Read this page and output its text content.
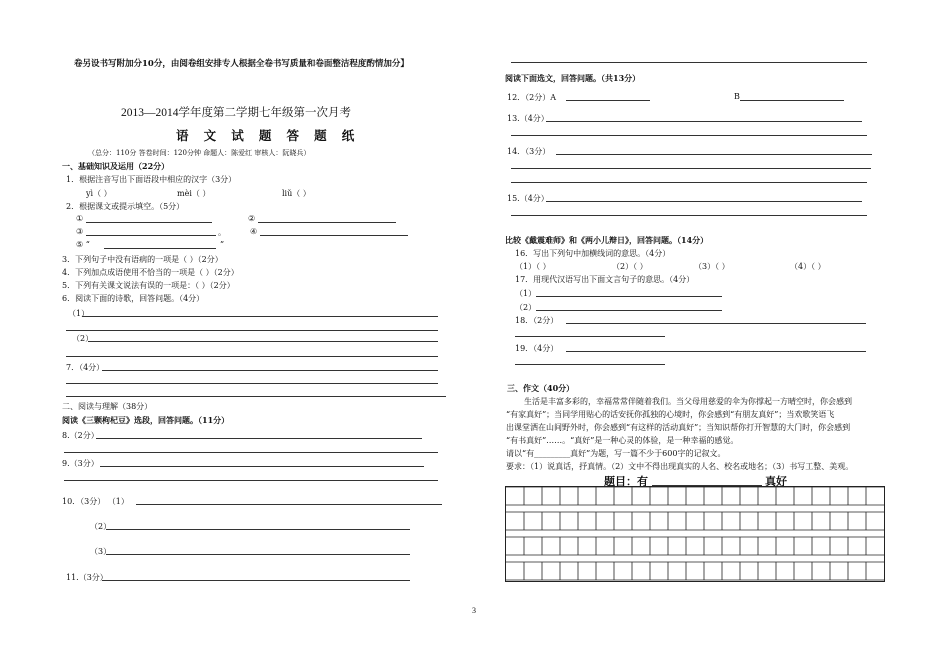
卷另设书写附加分10分，由阅卷组安排专人根据全卷书写质量和卷面整洁程度酌情加分】
2013—2014学年度第二学期七年级第一次月考
语 文 试 题 答 题 纸
（总分：110分 答卷时间：120分钟 命题人：陈爱红 审核人：阮晓兵）
一、基础知识及运用（22分）
1．根据注音写出下面语段中相应的汉字（3分）
yì（ ）	mèi（ ）	liǔ（ ）
2．根据课文或提示填空。（5分）
①	②
③	。	④
⑤ “	”
3．下列句子中没有语病的一项是（ ）（2分）
4．下列加点成语使用不恰当的一项是（ ）（2分）
5．下列有关课文说法有误的一项是：（ ）（2分）
6．阅读下面的诗歌，回答问题。（4分）
（1）
（2）
7．（4分）
二、阅读与理解（38分）
阅读《三颗枸杞豆》选段，回答问题。（11分）
8.（2分）
9.（3分）
10．（3分） （1）
（2）
（3）
11.（3分）
阅读下面选文，回答问题。（共13分）
12．（2分）A	B
13.（4分）
14．（3分）
15.（4分）
比较《戴震难师》和《两小儿辩日》，回答问题。（14分）
16．写出下列句中加横线词的意思。（4分）
（1）（ ）	（2）（ ）	（3）（ ）	（4）（ ）
17．用现代汉语写出下面文言句子的意思。（4分）
（1）
（2）
18．（2分）
19．（4分）
三、作文（40分）
生活是丰富多彩的，幸福常常伴随着我们。当父母用慈爱的伞为你撑起一方晴空时，你会感到
“有家真好”；当同学用贴心的话安抚你孤独的心境时，你会感到“有朋友真好”；当欢歌笑语飞
出课堂洒在山间野外时，你会感到“有这样的活动真好”；当知识帮你打开智慧的大门时，你会感到
“有书真好”……。“真好”是一种心灵的体验，是一种幸福的感觉。
请以“有_________真好”为题，写一篇不少于600字的记叙文。
要求：（1）说真话，抒真情。（2）文中不得出现真实的人名、校名或地名；（3）书写工整、美观。
题目：有	真好
3
